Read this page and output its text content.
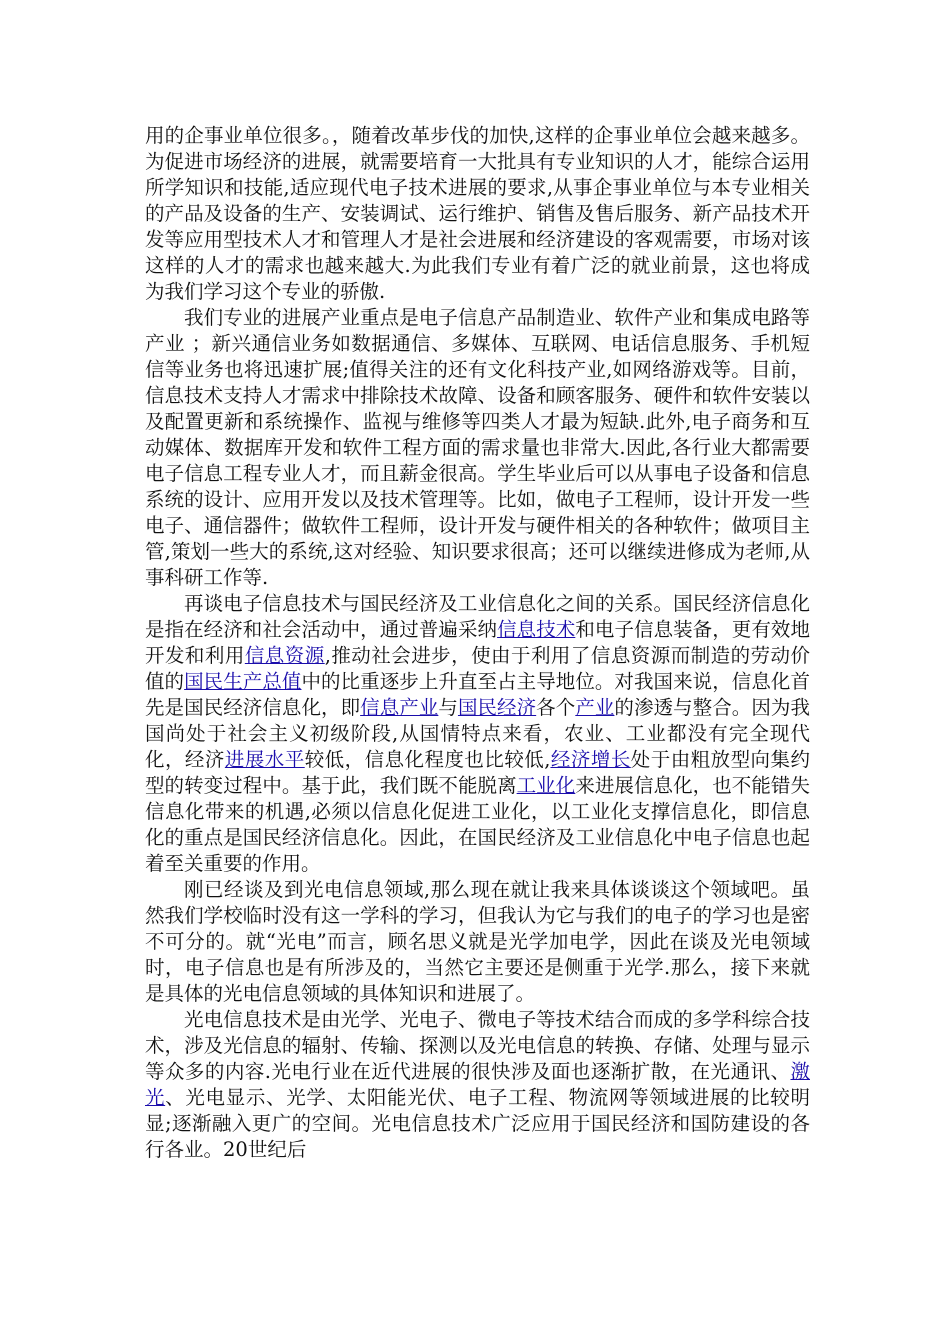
用的企事业单位很多。，随着改革步伐的加快,这样的企事业单位会越来越多。为促进市场经济的进展，就需要培育一大批具有专业知识的人才，能综合运用所学知识和技能,适应现代电子技术进展的要求,从事企事业单位与本专业相关的产品及设备的生产、安装调试、运行维护、销售及售后服务、新产品技术开发等应用型技术人才和管理人才是社会进展和经济建设的客观需要，市场对该这样的人才的需求也越来越大.为此我们专业有着广泛的就业前景，这也将成为我们学习这个专业的骄傲.

我们专业的进展产业重点是电子信息产品制造业、软件产业和集成电路等产业 ；新兴通信业务如数据通信、多媒体、互联网、电话信息服务、手机短信等业务也将迅速扩展;值得关注的还有文化科技产业,如网络游戏等。目前，信息技术支持人才需求中排除技术故障、设备和顾客服务、硬件和软件安装以及配置更新和系统操作、监视与维修等四类人才最为短缺.此外,电子商务和互动媒体、数据库开发和软件工程方面的需求量也非常大.因此,各行业大都需要电子信息工程专业人才，而且薪金很高。学生毕业后可以从事电子设备和信息系统的设计、应用开发以及技术管理等。比如，做电子工程师，设计开发一些电子、通信器件；做软件工程师，设计开发与硬件相关的各种软件；做项目主管,策划一些大的系统,这对经验、知识要求很高；还可以继续进修成为老师,从事科研工作等.

再谈电子信息技术与国民经济及工业信息化之间的关系。国民经济信息化是指在经济和社会活动中，通过普遍采纳信息技术和电子信息装备，更有效地开发和利用信息资源,推动社会进步，使由于利用了信息资源而制造的劳动价值的国民生产总值中的比重逐步上升直至占主导地位。对我国来说，信息化首先是国民经济信息化，即信息产业与国民经济各个产业的渗透与整合。因为我国尚处于社会主义初级阶段,从国情特点来看，农业、工业都没有完全现代化，经济进展水平较低，信息化程度也比较低,经济增长处于由粗放型向集约型的转变过程中。基于此，我们既不能脱离工业化来进展信息化，也不能错失信息化带来的机遇,必须以信息化促进工业化，以工业化支撑信息化，即信息化的重点是国民经济信息化。因此，在国民经济及工业信息化中电子信息也起着至关重要的作用。

刚已经谈及到光电信息领域,那么现在就让我来具体谈谈这个领域吧。虽然我们学校临时没有这一学科的学习，但我认为它与我们的电子的学习也是密不可分的。就“光电”而言，顾名思义就是光学加电学，因此在谈及光电领域时，电子信息也是有所涉及的，当然它主要还是侧重于光学.那么，接下来就是具体的光电信息领域的具体知识和进展了。

光电信息技术是由光学、光电子、微电子等技术结合而成的多学科综合技术，涉及光信息的辐射、传输、探测以及光电信息的转换、存储、处理与显示等众多的内容.光电行业在近代进展的很快涉及面也逐渐扩散，在光通讯、激光、光电显示、光学、太阳能光伏、电子工程、物流网等领域进展的比较明显;逐渐融入更广的空间。光电信息技术广泛应用于国民经济和国防建设的各行各业。20世纪后
